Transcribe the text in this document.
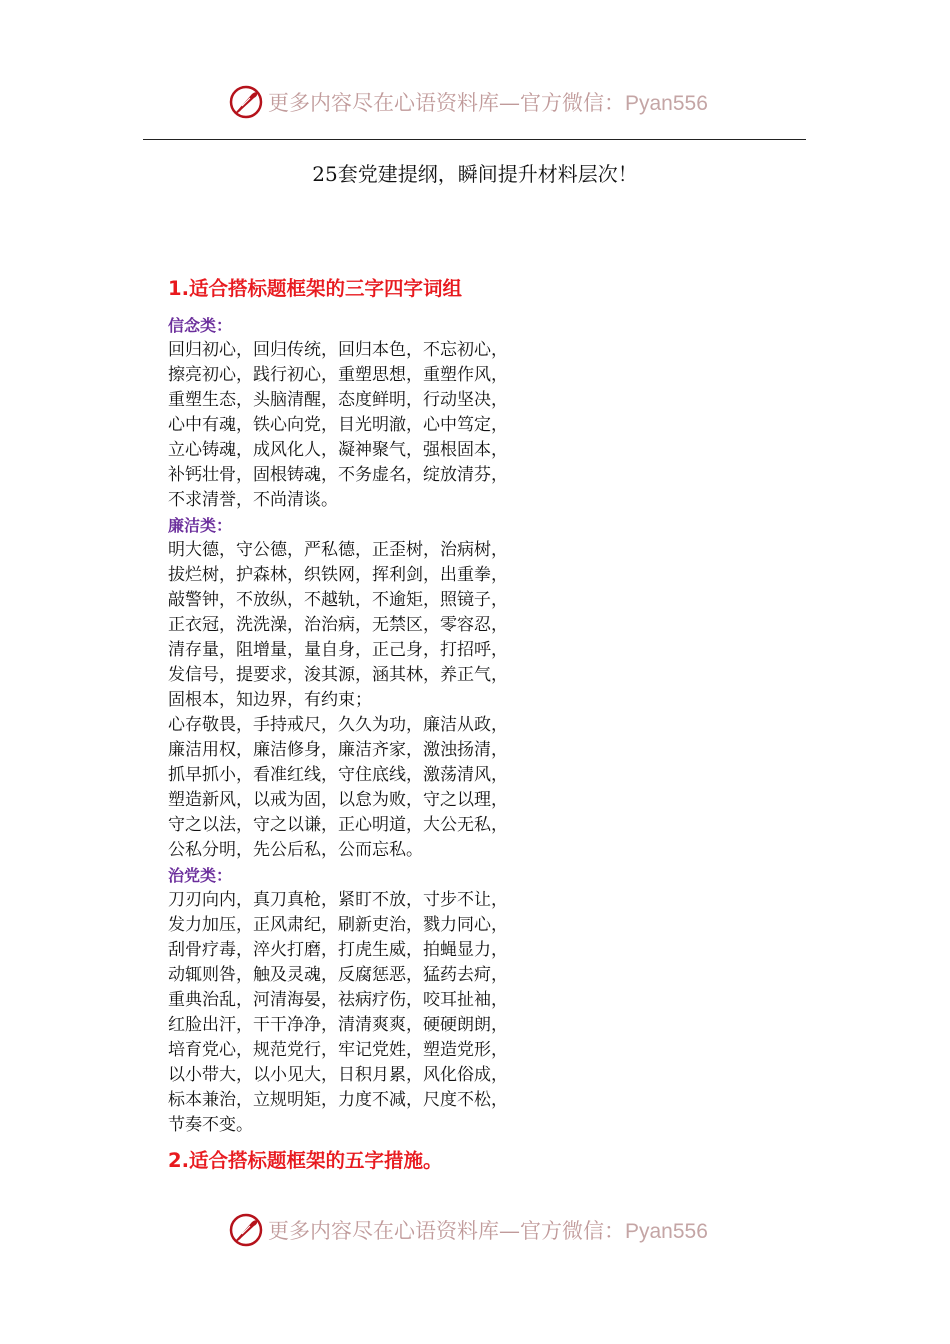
更多内容尽在心语资料库—官方微信：Pyan556
25套党建提纲，瞬间提升材料层次！
1.适合搭标题框架的三字四字词组
信念类：
回归初心，回归传统，回归本色，不忘初心，
擦亮初心，践行初心，重塑思想，重塑作风，
重塑生态，头脑清醒，态度鲜明，行动坚决，
心中有魂，铁心向党，目光明澈，心中笃定，
立心铸魂，成风化人，凝神聚气，强根固本，
补钙壮骨，固根铸魂，不务虚名，绽放清芬，
不求清誉，不尚清谈。
廉洁类：
明大德，守公德，严私德，正歪树，治病树，
拔烂树，护森林，织铁网，挥利剑，出重拳，
敲警钟，不放纵，不越轨，不逾矩，照镜子，
正衣冠，洗洗澡，治治病，无禁区，零容忍，
清存量，阻增量，量自身，正己身，打招呼，
发信号，提要求，浚其源，涵其林，养正气，
固根本，知边界，有约束；
心存敬畏，手持戒尺，久久为功，廉洁从政，
廉洁用权，廉洁修身，廉洁齐家，激浊扬清，
抓早抓小，看准红线，守住底线，激荡清风，
塑造新风，以戒为固，以怠为败，守之以理，
守之以法，守之以谦，正心明道，大公无私，
公私分明，先公后私，公而忘私。
治党类：
刀刃向内，真刀真枪，紧盯不放，寸步不让，
发力加压，正风肃纪，刷新吏治，戮力同心，
刮骨疗毒，淬火打磨，打虎生威，拍蝇显力，
动辄则咎，触及灵魂，反腐惩恶，猛药去疴，
重典治乱，河清海晏，祛病疗伤，咬耳扯袖，
红脸出汗，干干净净，清清爽爽，硬硬朗朗，
培育党心，规范党行，牢记党姓，塑造党形，
以小带大，以小见大，日积月累，风化俗成，
标本兼治，立规明矩，力度不减，尺度不松，
节奏不变。
2.适合搭标题框架的五字措施。
更多内容尽在心语资料库—官方微信：Pyan556
